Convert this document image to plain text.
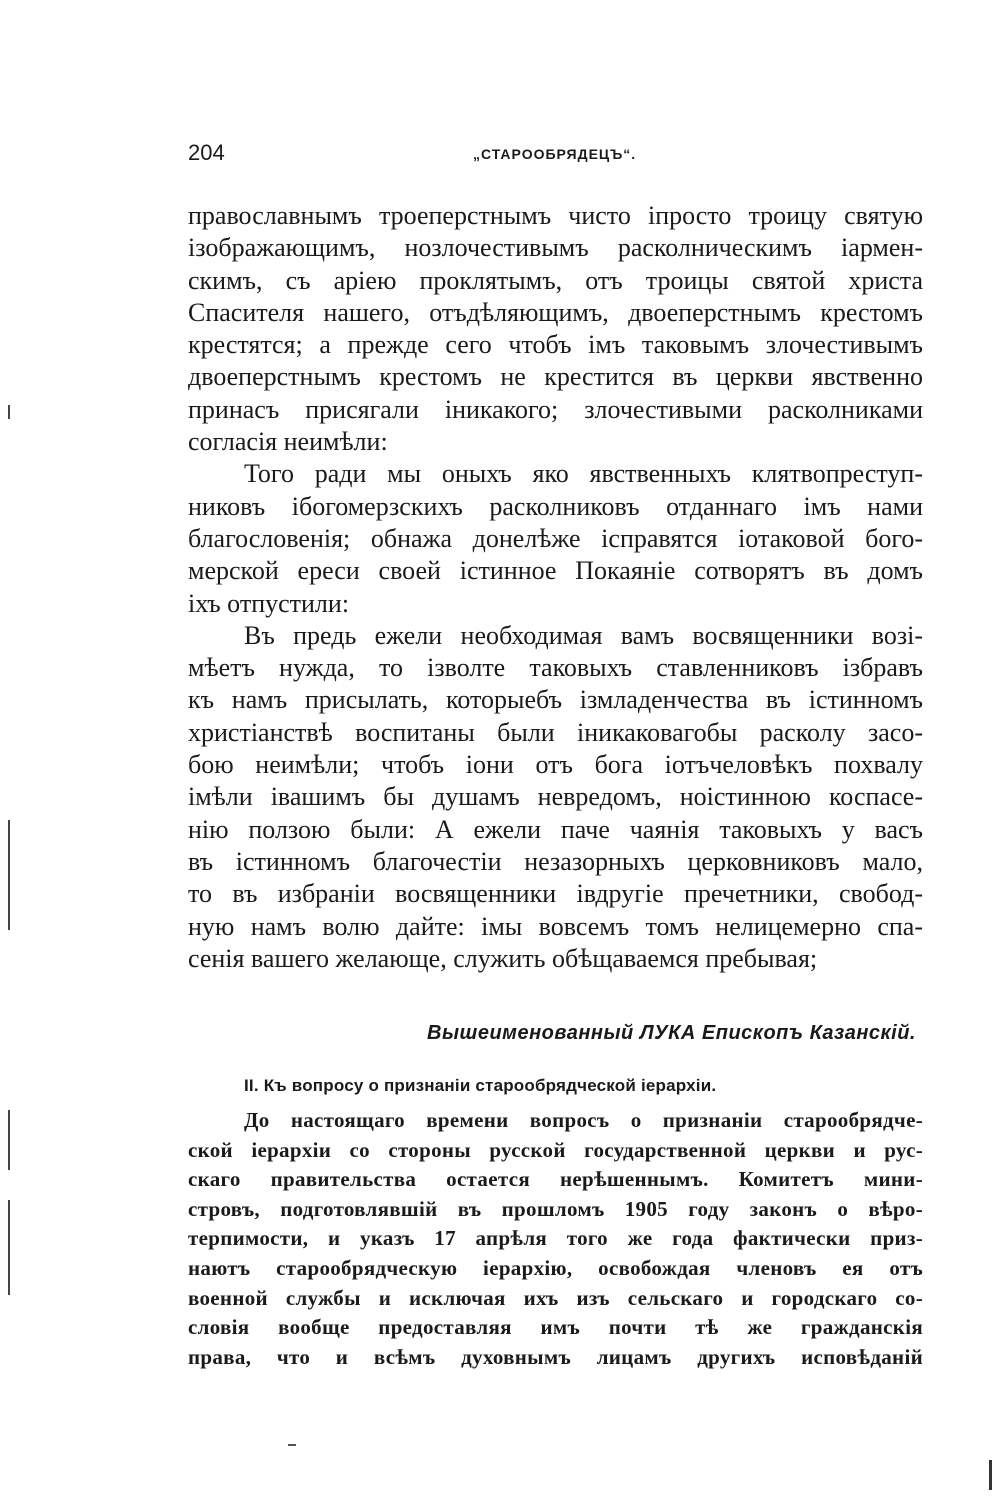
204	„СТАРООБРЯДЕЦЪ“.

православнымъ троеперстнымъ чисто іпросто троицу святую
ізображающимъ, нозлочестивымъ расколническимъ іармен-
скимъ, съ аріею проклятымъ, отъ троицы святой христа
Спасителя нашего, отъдѣляющимъ, двоеперстнымъ крестомъ
крестятся; а прежде сего чтобъ імъ таковымъ злочестивымъ
двоеперстнымъ крестомъ не крестится въ церкви явственно
принасъ присягали іникакого; злочестивыми расколниками
согласія неимѣли:

Того ради мы оныхъ яко явственныхъ клятвопреступ-
никовъ ібогомерзскихъ расколниковъ отданнаго імъ нами
благословенія; обнажа донелѣже ісправятся іотаковой бого-
мерской ереси своей істинное Покаяніе сотворятъ въ домъ
іхъ отпустили:

Въ предь ежели необходимая вамъ восвященники возі-
мѣетъ нужда, то ізволте таковыхъ ставленниковъ ізбравъ
къ намъ присылать, которыебъ ізмладенчества въ істинномъ
христіанствѣ воспитаны были іникаковагобы расколу засо-
бою неимѣли; чтобъ іони отъ бога іотъчеловѣкъ похвалу
імѣли івашимъ бы душамъ невредомъ, ноістинною коспасе-
нію ползою были: А ежели паче чаянія таковыхъ у васъ
въ істинномъ благочестіи незазорныхъ церковниковъ мало,
то въ избраніи восвященники івдругіе пречетники, свобод-
ную намъ волю дайте: імы вовсемъ томъ нелицемерно спа-
сенія вашего желающе, служить обѣщаваемся пребывая;

Вышеименованный ЛУКА Епископъ Казанскій.
II. Къ вопросу о признаніи старообрядческой іерархіи.
До настоящаго времени вопросъ о признаніи старообрядче-
ской іерархіи со стороны русской государственной церкви и рус-
скаго правительства остается нерѣшеннымъ. Комитетъ мини-
стровъ, подготовлявшій въ прошломъ 1905 году законъ о вѣро-
терпимости, и указъ 17 апрѣля того же года фактически приз-
наютъ старообрядческую іерархію, освобождая членовъ ея отъ
военной службы и исключая ихъ изъ сельскаго и городскаго со-
словія вообще предоставляя имъ почти тѣ же гражданскія
права, что и всѣмъ духовнымъ лицамъ другихъ исповѣданій
